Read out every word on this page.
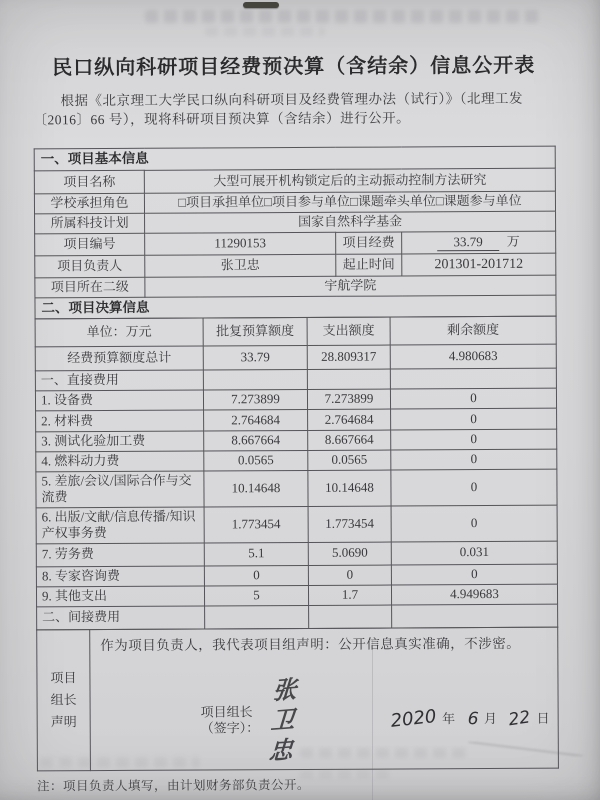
民口纵向科研项目经费预决算（含结余）信息公开表
根据《北京理工大学民口纵向科研项目及经费管理办法（试行）》（北理工发
〔2016〕66 号），现将科研项目预决算（含结余）进行公开。
一、项目基本信息			
项目名称	大型可展开机构锁定后的主动振动控制方法研究		
学校承担角色	□项目承担单位□项目参与单位□课题牵头单位□课题参与单位		
所属科技计划	国家自然科学基金		
项目编号	11290153	项目经费	33.79 万
项目负责人	张卫忠	起止时间	201301-201712
项目所在二级	宇航学院		
二、项目决算信息			
单位：万元	批复预算额度	支出额度	剩余额度
经费预算额度总计	33.79	28.809317	4.980683
一、直接费用			
1. 设备费	7.273899	7.273899	0
2. 材料费	2.764684	2.764684	0
3. 测试化验加工费	8.667664	8.667664	0
4. 燃料动力费	0.0565	0.0565	0
5. 差旅/会议/国际合作与交流费	10.14648	10.14648	0
6. 出版/文献/信息传播/知识产权事务费	1.773454	1.773454	0
7. 劳务费	5.1	5.0690	0.031
8. 专家咨询费	0	0	0
9. 其他支出	5	1.7	4.949683
二、间接费用			
项目
组长
声明

作为项目负责人，我代表项目组声明：公开信息真实准确，不涉密。
项目组长（签字）：
张卫忠
2020 年 6 月 22 日
注：项目负责人填写，由计划财务部负责公开。
